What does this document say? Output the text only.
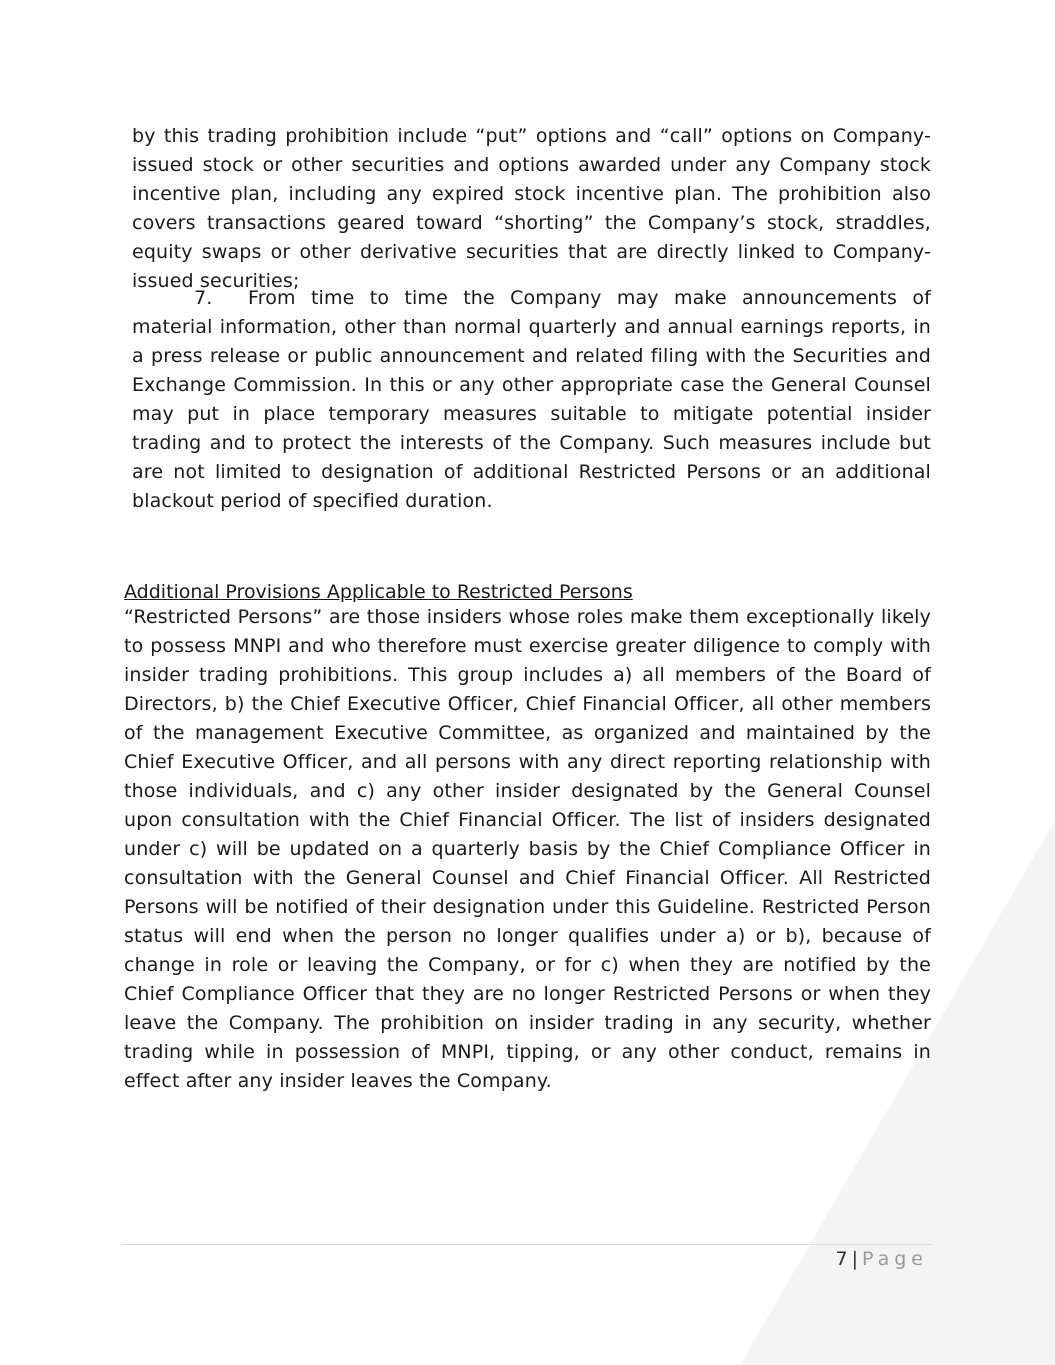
by this trading prohibition include “put” options and “call” options on Company-issued stock or other securities and options awarded under any Company stock incentive plan, including any expired stock incentive plan. The prohibition also covers transactions geared toward “shorting” the Company’s stock, straddles, equity swaps or other derivative securities that are directly linked to Company-issued securities;

7. From time to time the Company may make announcements of material information, other than normal quarterly and annual earnings reports, in a press release or public announcement and related filing with the Securities and Exchange Commission. In this or any other appropriate case the General Counsel may put in place temporary measures suitable to mitigate potential insider trading and to protect the interests of the Company. Such measures include but are not limited to designation of additional Restricted Persons or an additional blackout period of specified duration.

Additional Provisions Applicable to Restricted Persons

“Restricted Persons” are those insiders whose roles make them exceptionally likely to possess MNPI and who therefore must exercise greater diligence to comply with insider trading prohibitions. This group includes a) all members of the Board of Directors, b) the Chief Executive Officer, Chief Financial Officer, all other members of the management Executive Committee, as organized and maintained by the Chief Executive Officer, and all persons with any direct reporting relationship with those individuals, and c) any other insider designated by the General Counsel upon consultation with the Chief Financial Officer. The list of insiders designated under c) will be updated on a quarterly basis by the Chief Compliance Officer in consultation with the General Counsel and Chief Financial Officer. All Restricted Persons will be notified of their designation under this Guideline. Restricted Person status will end when the person no longer qualifies under a) or b), because of change in role or leaving the Company, or for c) when they are notified by the Chief Compliance Officer that they are no longer Restricted Persons or when they leave the Company. The prohibition on insider trading in any security, whether trading while in possession of MNPI, tipping, or any other conduct, remains in effect after any insider leaves the Company.

7 | Page
